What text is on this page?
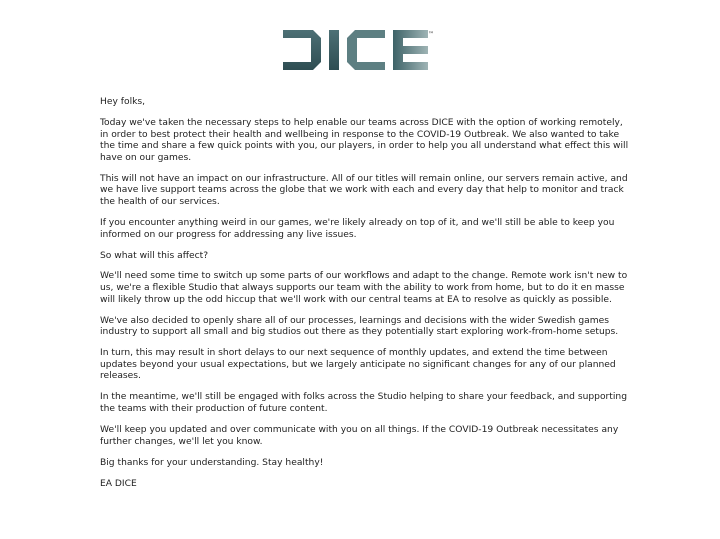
™

Hey folks,

Today we've taken the necessary steps to help enable our teams across DICE with the option of working remotely, in order to best protect their health and wellbeing in response to the COVID-19 Outbreak. We also wanted to take the time and share a few quick points with you, our players, in order to help you all understand what effect this will have on our games.

This will not have an impact on our infrastructure. All of our titles will remain online, our servers remain active, and we have live support teams across the globe that we work with each and every day that help to monitor and track the health of our services.

If you encounter anything weird in our games, we're likely already on top of it, and we'll still be able to keep you informed on our progress for addressing any live issues.

So what will this affect?

We'll need some time to switch up some parts of our workflows and adapt to the change. Remote work isn't new to us, we're a flexible Studio that always supports our team with the ability to work from home, but to do it en masse will likely throw up the odd hiccup that we'll work with our central teams at EA to resolve as quickly as possible.

We've also decided to openly share all of our processes, learnings and decisions with the wider Swedish games industry to support all small and big studios out there as they potentially start exploring work-from-home setups.

In turn, this may result in short delays to our next sequence of monthly updates, and extend the time between updates beyond your usual expectations, but we largely anticipate no significant changes for any of our planned releases.

In the meantime, we'll still be engaged with folks across the Studio helping to share your feedback, and supporting the teams with their production of future content.

We'll keep you updated and over communicate with you on all things. If the COVID-19 Outbreak necessitates any further changes, we'll let you know.

Big thanks for your understanding. Stay healthy!

EA DICE
